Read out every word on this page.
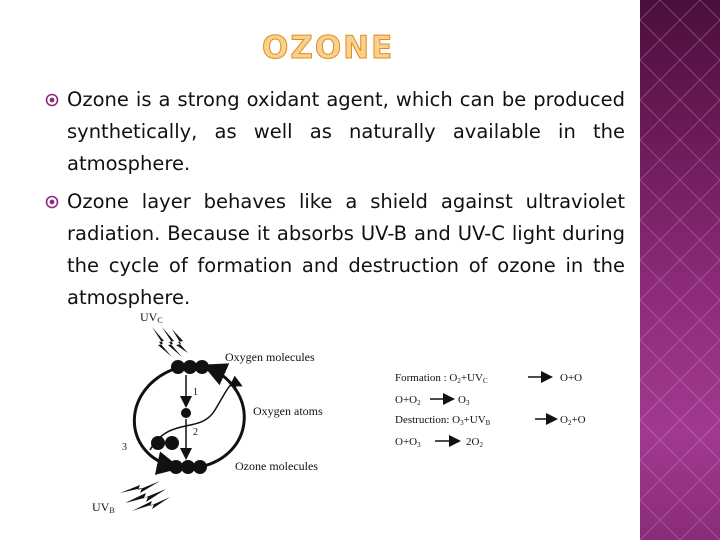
OZONE
Ozone is a strong oxidant agent, which can be produced synthetically, as well as naturally available in the atmosphere.
Ozone layer behaves like a shield against ultraviolet radiation. Because it absorbs UV-B and UV-C light during the cycle of formation and destruction of ozone in the atmosphere.
UVC
1
2
3
4
Oxygen molecules
Oxygen atoms
Ozone molecules
UVB
Formation : O2+UVC	O+O
O+O2	O3
Destruction: O3+UVB	O2+O
O+O3	2O2
